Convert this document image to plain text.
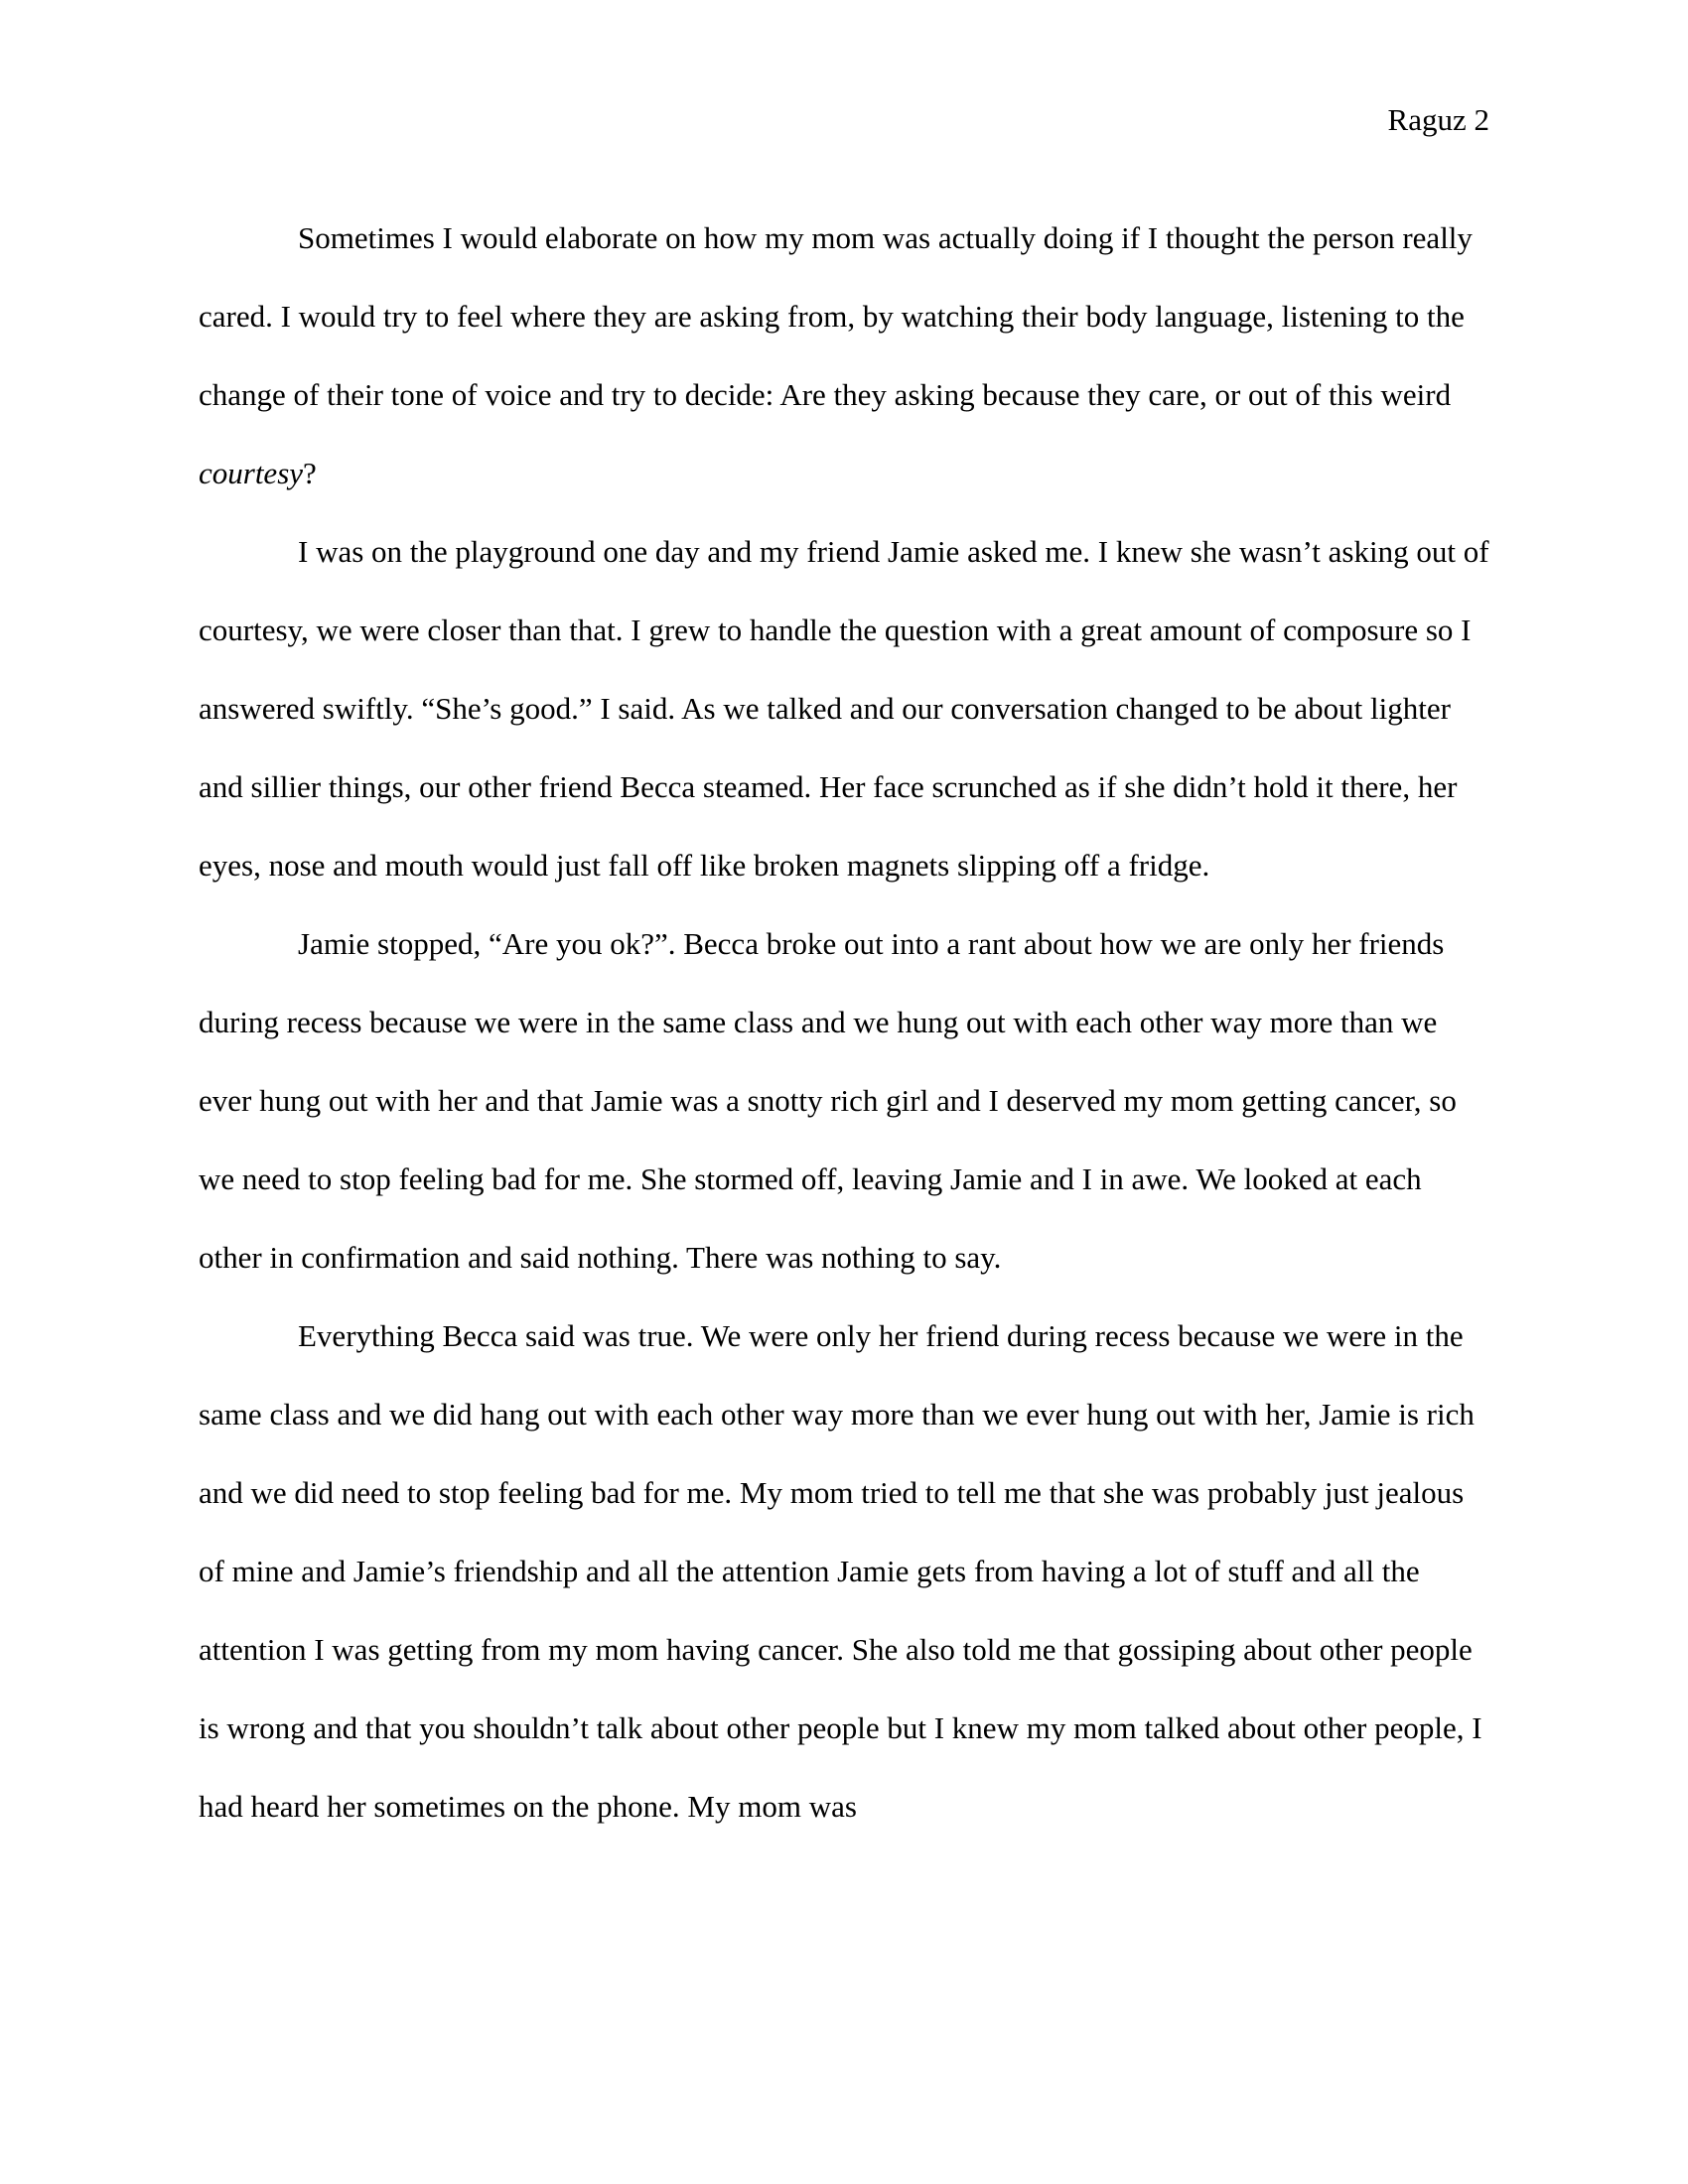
Raguz 2

Sometimes I would elaborate on how my mom was actually doing if I thought the person really cared. I would try to feel where they are asking from, by watching their body language, listening to the change of their tone of voice and try to decide: Are they asking because they care, or out of this weird courtesy?

I was on the playground one day and my friend Jamie asked me. I knew she wasn’t asking out of courtesy, we were closer than that. I grew to handle the question with a great amount of composure so I answered swiftly. “She’s good.” I said. As we talked and our conversation changed to be about lighter and sillier things, our other friend Becca steamed. Her face scrunched as if she didn’t hold it there, her eyes, nose and mouth would just fall off like broken magnets slipping off a fridge.

Jamie stopped, “Are you ok?”. Becca broke out into a rant about how we are only her friends during recess because we were in the same class and we hung out with each other way more than we ever hung out with her and that Jamie was a snotty rich girl and I deserved my mom getting cancer, so we need to stop feeling bad for me. She stormed off, leaving Jamie and I in awe. We looked at each other in confirmation and said nothing. There was nothing to say.

Everything Becca said was true. We were only her friend during recess because we were in the same class and we did hang out with each other way more than we ever hung out with her, Jamie is rich and we did need to stop feeling bad for me. My mom tried to tell me that she was probably just jealous of mine and Jamie’s friendship and all the attention Jamie gets from having a lot of stuff and all the attention I was getting from my mom having cancer. She also told me that gossiping about other people is wrong and that you shouldn’t talk about other people but I knew my mom talked about other people, I had heard her sometimes on the phone. My mom was
